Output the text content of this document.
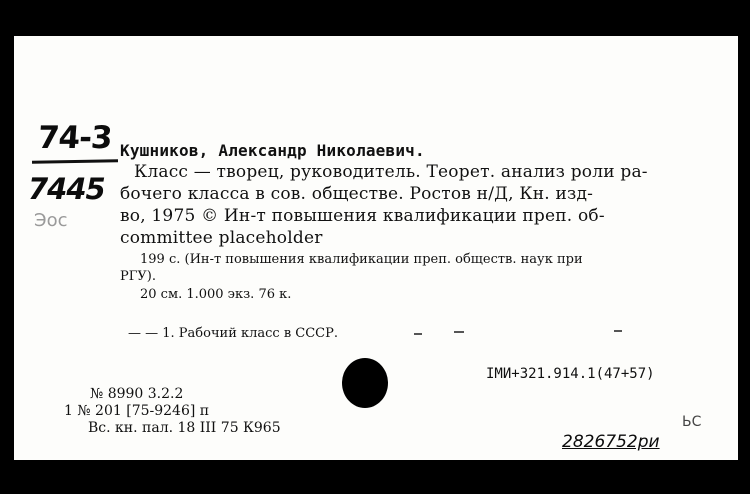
74-3
7445
Эос
Кушников, Александр Николаевич.
Класс — творец, руководитель. Теорет. анализ роли ра-
бочего класса в сов. обществе. Ростов н/Д, Кн. изд-
во, 1975 © Ин-т повышения квалификации преп. об-
committee placeholder
199 с. (Ин-т повышения квалификации преп. обществ. наук при
РГУ).
20 см. 1.000 экз. 76 к.
— — 1. Рабочий класс в СССР.
IМИ+321.914.1(47+57)
№ 8990 3.2.2
1 № 201 [75-9246] п
Вс. кн. пал. 18 III 75 К965
2826752ри
ЬС
